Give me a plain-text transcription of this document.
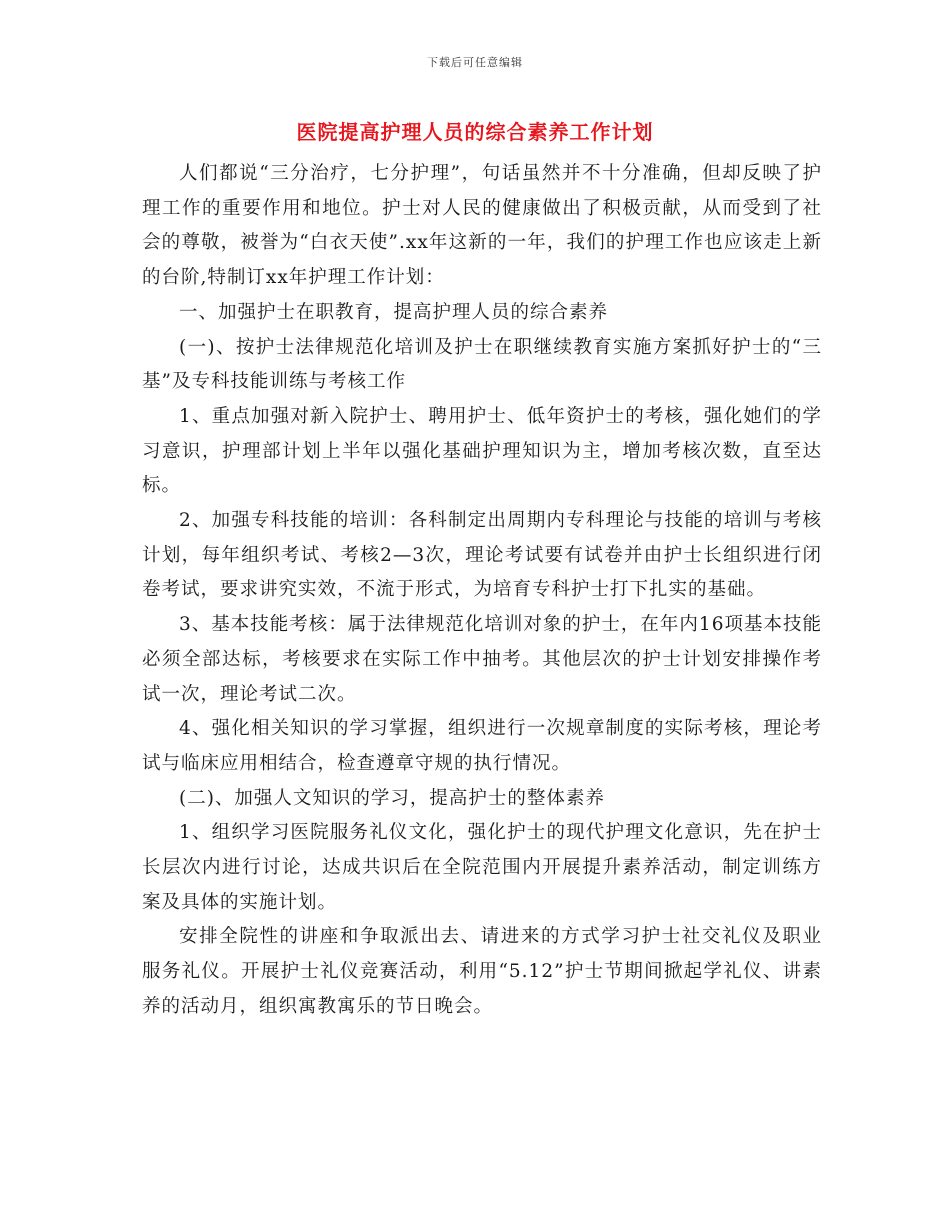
下载后可任意编辑
医院提高护理人员的综合素养工作计划

人们都说“三分治疗，七分护理”，句话虽然并不十分准确，但却反映了护理工作的重要作用和地位。护士对人民的健康做出了积极贡献，从而受到了社会的尊敬，被誉为“白衣天使”.xx年这新的一年，我们的护理工作也应该走上新的台阶,特制订xx年护理工作计划：

一、加强护士在职教育，提高护理人员的综合素养

(一)、按护士法律规范化培训及护士在职继续教育实施方案抓好护士的“三基”及专科技能训练与考核工作

1、重点加强对新入院护士、聘用护士、低年资护士的考核，强化她们的学习意识，护理部计划上半年以强化基础护理知识为主，增加考核次数，直至达标。

2、加强专科技能的培训：各科制定出周期内专科理论与技能的培训与考核计划，每年组织考试、考核2—3次，理论考试要有试卷并由护士长组织进行闭卷考试，要求讲究实效，不流于形式，为培育专科护士打下扎实的基础。

3、基本技能考核：属于法律规范化培训对象的护士，在年内16项基本技能必须全部达标，考核要求在实际工作中抽考。其他层次的护士计划安排操作考试一次，理论考试二次。

4、强化相关知识的学习掌握，组织进行一次规章制度的实际考核，理论考试与临床应用相结合，检查遵章守规的执行情况。

(二)、加强人文知识的学习，提高护士的整体素养

1、组织学习医院服务礼仪文化，强化护士的现代护理文化意识，先在护士长层次内进行讨论，达成共识后在全院范围内开展提升素养活动，制定训练方案及具体的实施计划。

安排全院性的讲座和争取派出去、请进来的方式学习护士社交礼仪及职业服务礼仪。开展护士礼仪竞赛活动，利用“5.12”护士节期间掀起学礼仪、讲素养的活动月，组织寓教寓乐的节日晚会。
